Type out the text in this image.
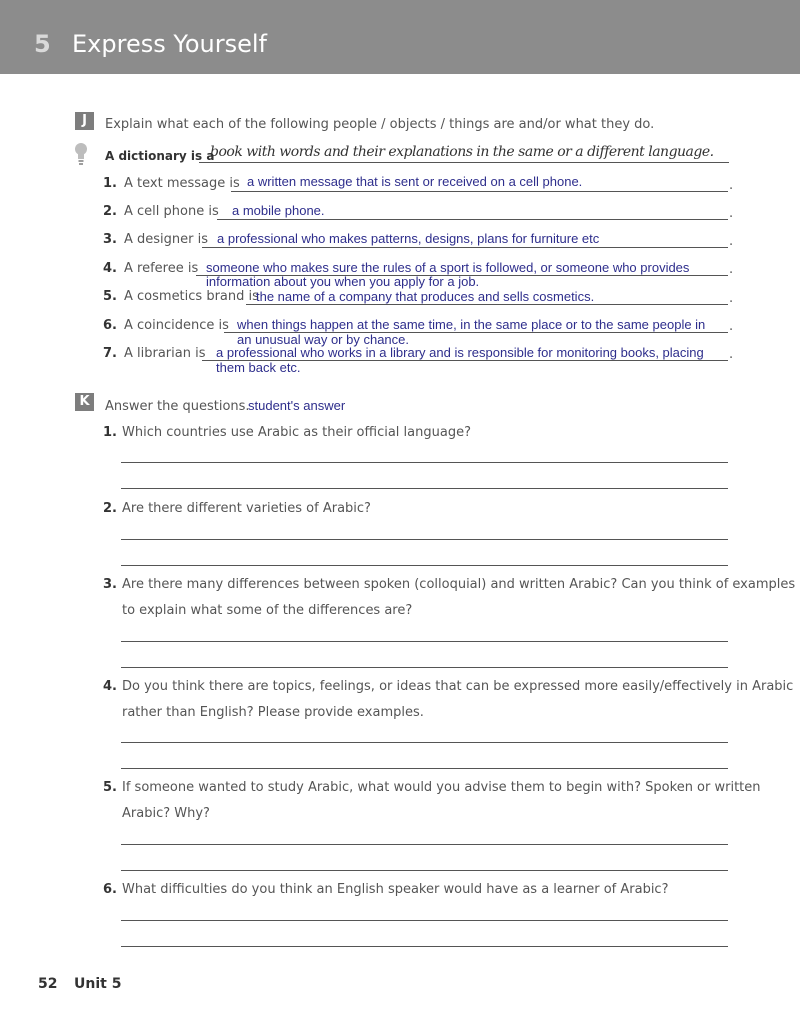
5 Express Yourself
J	Explain what each of the following people / objects / things are and/or what they do.
A dictionary is a
book with words and their explanations in the same or a different language.
1. A text message is a written message that is sent or received on a cell phone.	.
2. A cell phone is a mobile phone.	.
3. A designer is a professional who makes patterns, designs, plans for furniture etc	.
4. A referee is someone who makes sure the rules of a sport is followed, or someone who provides
information about you when you apply for a job.
.
5. A cosmetics brand is
the name of a company that produces and sells cosmetics.	.
6. A coincidence is when things happen at the same time, in the same place or to the same people in
an unusual way or by chance.
.
7. A librarian is a professional who works in a library and is responsible for monitoring books, placing
them back etc.
.
K	Answer the questions.
student's answer
1. Which countries use Arabic as their official language?
2. Are there different varieties of Arabic?
3. Are there many differences between spoken (colloquial) and written Arabic? Can you think of examples
to explain what some of the differences are?
4. Do you think there are topics, feelings, or ideas that can be expressed more easily/effectively in Arabic
rather than English? Please provide examples.
5. If someone wanted to study Arabic, what would you advise them to begin with? Spoken or written
Arabic? Why?
6. What difficulties do you think an English speaker would have as a learner of Arabic?
52 Unit 5
